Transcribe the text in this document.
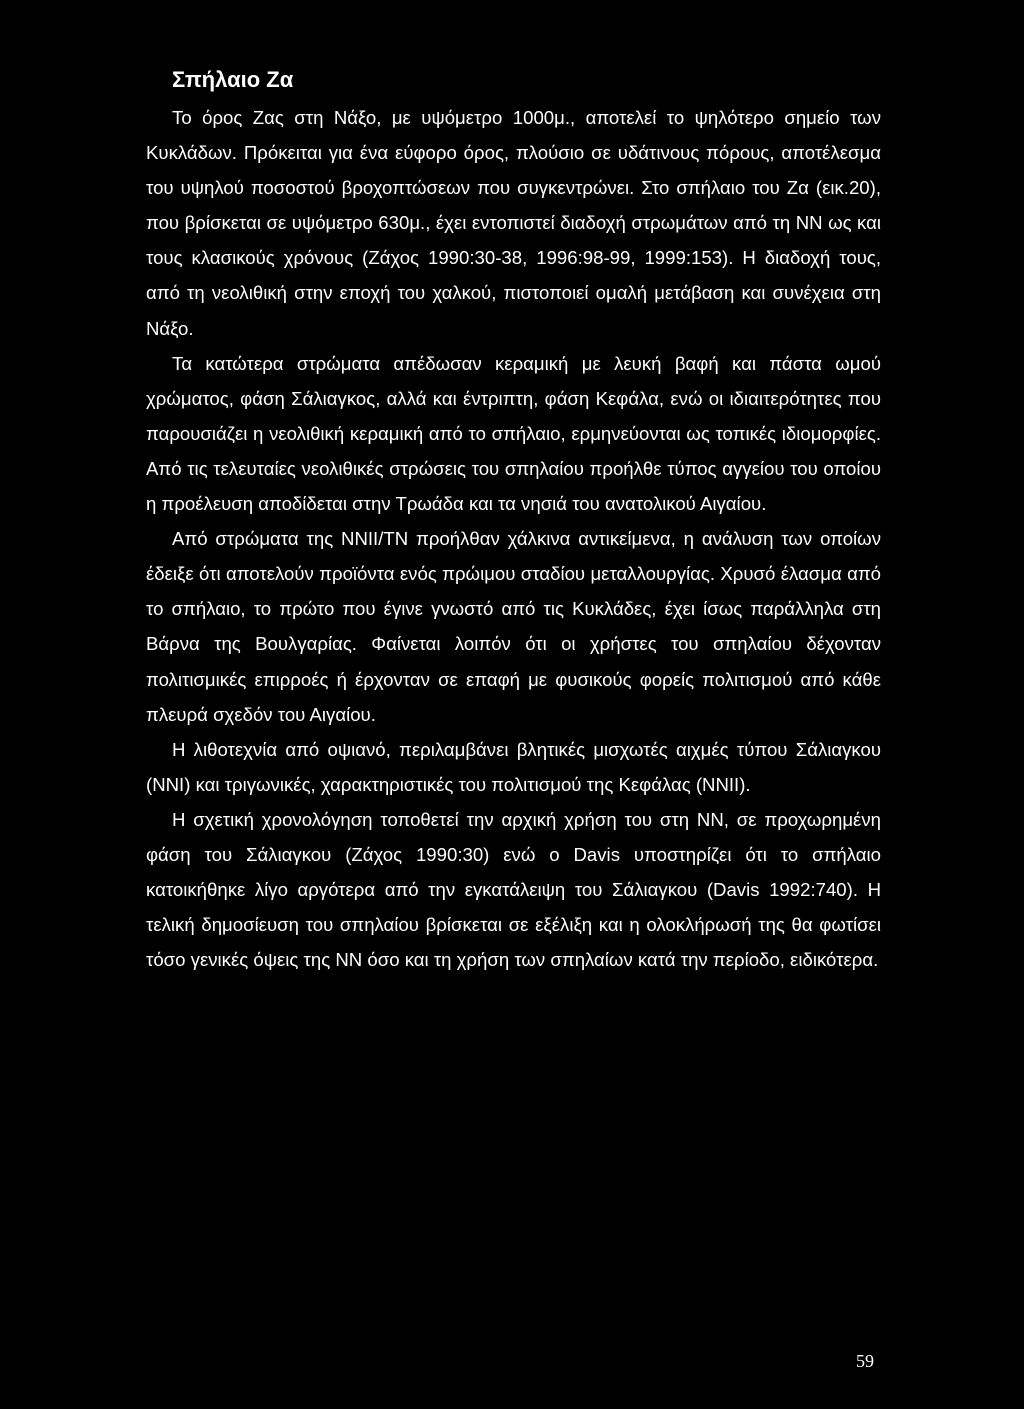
Σπήλαιο Ζα

Το όρος Ζας στη Νάξο, με υψόμετρο 1000μ., αποτελεί το ψηλότερο σημείο των Κυκλάδων. Πρόκειται για ένα εύφορο όρος, πλούσιο σε υδάτινους πόρους, αποτέλεσμα του υψηλού ποσοστού βροχοπτώσεων που συγκεντρώνει. Στο σπήλαιο του Ζα (εικ.20), που βρίσκεται σε υψόμετρο 630μ., έχει εντοπιστεί διαδοχή στρωμάτων από τη ΝΝ ως και τους κλασικούς χρόνους (Ζάχος 1990:30-38, 1996:98-99, 1999:153). Η διαδοχή τους, από τη νεολιθική στην εποχή του χαλκού, πιστοποιεί ομαλή μετάβαση και συνέχεια στη Νάξο.

Τα κατώτερα στρώματα απέδωσαν κεραμική με λευκή βαφή και πάστα ωμού χρώματος, φάση Σάλιαγκος, αλλά και έντριπτη, φάση Κεφάλα, ενώ οι ιδιαιτερότητες που παρουσιάζει η νεολιθική κεραμική από το σπήλαιο, ερμηνεύονται ως τοπικές ιδιομορφίες. Από τις τελευταίες νεολιθικές στρώσεις του σπηλαίου προήλθε τύπος αγγείου του οποίου η προέλευση αποδίδεται στην Τρωάδα και τα νησιά του ανατολικού Αιγαίου.

Από στρώματα της ΝΝΙΙ/ΤΝ προήλθαν χάλκινα αντικείμενα, η ανάλυση των οποίων έδειξε ότι αποτελούν προϊόντα ενός πρώιμου σταδίου μεταλλουργίας. Χρυσό έλασμα από το σπήλαιο, το πρώτο που έγινε γνωστό από τις Κυκλάδες, έχει ίσως παράλληλα στη Βάρνα της Βουλγαρίας. Φαίνεται λοιπόν ότι οι χρήστες του σπηλαίου δέχονταν πολιτισμικές επιρροές ή έρχονταν σε επαφή με φυσικούς φορείς πολιτισμού από κάθε πλευρά σχεδόν του Αιγαίου.

Η λιθοτεχνία από οψιανό, περιλαμβάνει βλητικές μισχωτές αιχμές τύπου Σάλιαγκου (ΝΝΙ) και τριγωνικές, χαρακτηριστικές του πολιτισμού της Κεφάλας (ΝΝΙΙ).

Η σχετική χρονολόγηση τοποθετεί την αρχική χρήση του στη ΝΝ, σε προχωρημένη φάση του Σάλιαγκου (Ζάχος 1990:30) ενώ ο Davis υποστηρίζει ότι το σπήλαιο κατοικήθηκε λίγο αργότερα από την εγκατάλειψη του Σάλιαγκου (Davis 1992:740). Η τελική δημοσίευση του σπηλαίου βρίσκεται σε εξέλιξη και η ολοκλήρωσή της θα φωτίσει τόσο γενικές όψεις της ΝΝ όσο και τη χρήση των σπηλαίων κατά την περίοδο, ειδικότερα.

59
